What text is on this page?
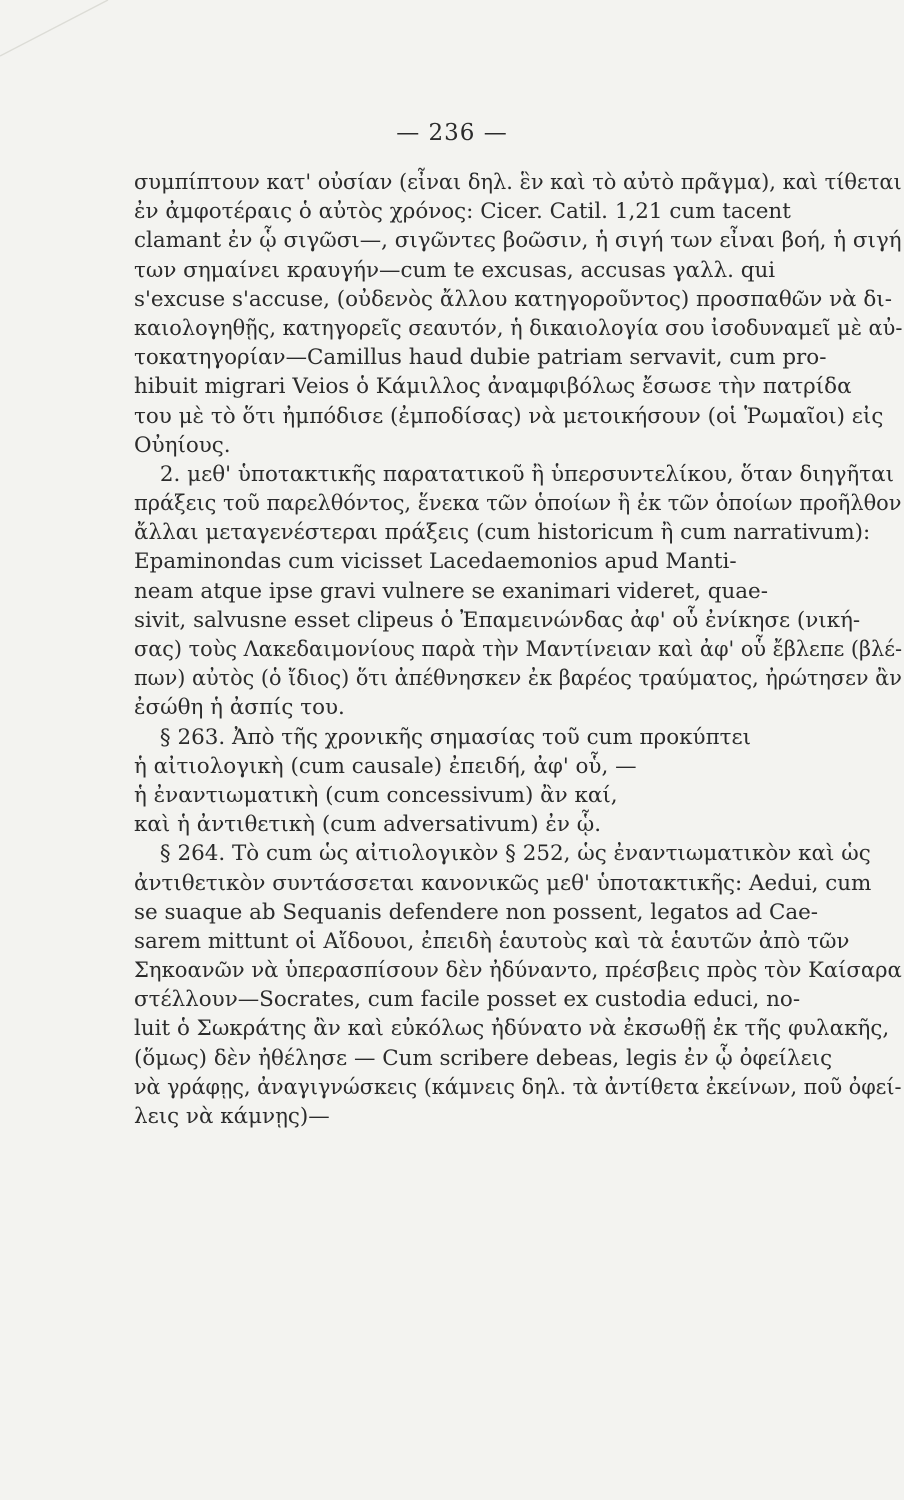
— 236 —
συμπίπτουν κατ' οὐσίαν (εἶναι δηλ. ἓν καὶ τὸ αὐτὸ πρᾶγμα), καὶ τίθεται
ἐν ἀμφοτέραις ὁ αὐτὸς χρόνος: Cicer. Catil. 1,21 cum tacent
clamant ἐν ᾧ σιγῶσι—, σιγῶντες βοῶσιν, ἡ σιγή των εἶναι βοή, ἡ σιγή
των σημαίνει κραυγήν—cum te excusas, accusas γαλλ. qui
s'excuse s'accuse, (οὐδενὸς ἄλλου κατηγοροῦντος) προσπαθῶν νὰ δι-
καιολογηθῇς, κατηγορεῖς σεαυτόν, ἡ δικαιολογία σου ἰσοδυναμεῖ μὲ αὐ-
τοκατηγορίαν—Camillus haud dubie patriam servavit, cum pro-
hibuit migrari Veios ὁ Κάμιλλος ἀναμφιβόλως ἔσωσε τὴν πατρίδα
του μὲ τὸ ὅτι ἠμπόδισε (ἐμποδίσας) νὰ μετοικήσουν (οἱ Ῥωμαῖοι) εἰς
Οὐηίους.
2. μεθ' ὑποτακτικῆς παρατατικοῦ ἢ ὑπερσυντελίκου, ὅταν διηγῆται
πράξεις τοῦ παρελθόντος, ἕνεκα τῶν ὁποίων ἢ ἐκ τῶν ὁποίων προῆλθον
ἄλλαι μεταγενέστεραι πράξεις (cum historicum ἢ cum narrativum):
Epaminondas cum vicisset Lacedaemonios apud Manti-
neam atque ipse gravi vulnere se exanimari videret, quae-
sivit, salvusne esset clipeus ὁ Ἐπαμεινώνδας ἀφ' οὗ ἐνίκησε (νική-
σας) τοὺς Λακεδαιμονίους παρὰ τὴν Μαντίνειαν καὶ ἀφ' οὗ ἔβλεπε (βλέ-
πων) αὐτὸς (ὁ ἴδιος) ὅτι ἀπέθνησκεν ἐκ βαρέος τραύματος, ἠρώτησεν ἂν
ἐσώθη ἡ ἀσπίς του.
§ 263. Ἀπὸ τῆς χρονικῆς σημασίας τοῦ cum προκύπτει
ἡ αἰτιολογικὴ (cum causale) ἐπειδή, ἀφ' οὗ, —
ἡ ἐναντιωματικὴ (cum concessivum) ἂν καί,
καὶ ἡ ἀντιθετικὴ (cum adversativum) ἐν ᾧ.
§ 264. Τὸ cum ὡς αἰτιολογικὸν § 252, ὡς ἐναντιωματικὸν καὶ ὡς
ἀντιθετικὸν συντάσσεται κανονικῶς μεθ' ὑποτακτικῆς: Aedui, cum
se suaque ab Sequanis defendere non possent, legatos ad Cae-
sarem mittunt οἱ Αἴδουοι, ἐπειδὴ ἑαυτοὺς καὶ τὰ ἑαυτῶν ἀπὸ τῶν
Σηκοανῶν νὰ ὑπερασπίσουν δὲν ἠδύναντο, πρέσβεις πρὸς τὸν Καίσαρα
στέλλουν—Socrates, cum facile posset ex custodia educi, no-
luit ὁ Σωκράτης ἂν καὶ εὐκόλως ἠδύνατο νὰ ἐκσωθῇ ἐκ τῆς φυλακῆς,
(ὅμως) δὲν ἠθέλησε — Cum scribere debeas, legis ἐν ᾧ ὀφείλεις
νὰ γράφῃς, ἀναγιγνώσκεις (κάμνεις δηλ. τὰ ἀντίθετα ἐκείνων, ποῦ ὀφεί-
λεις νὰ κάμνῃς)—
